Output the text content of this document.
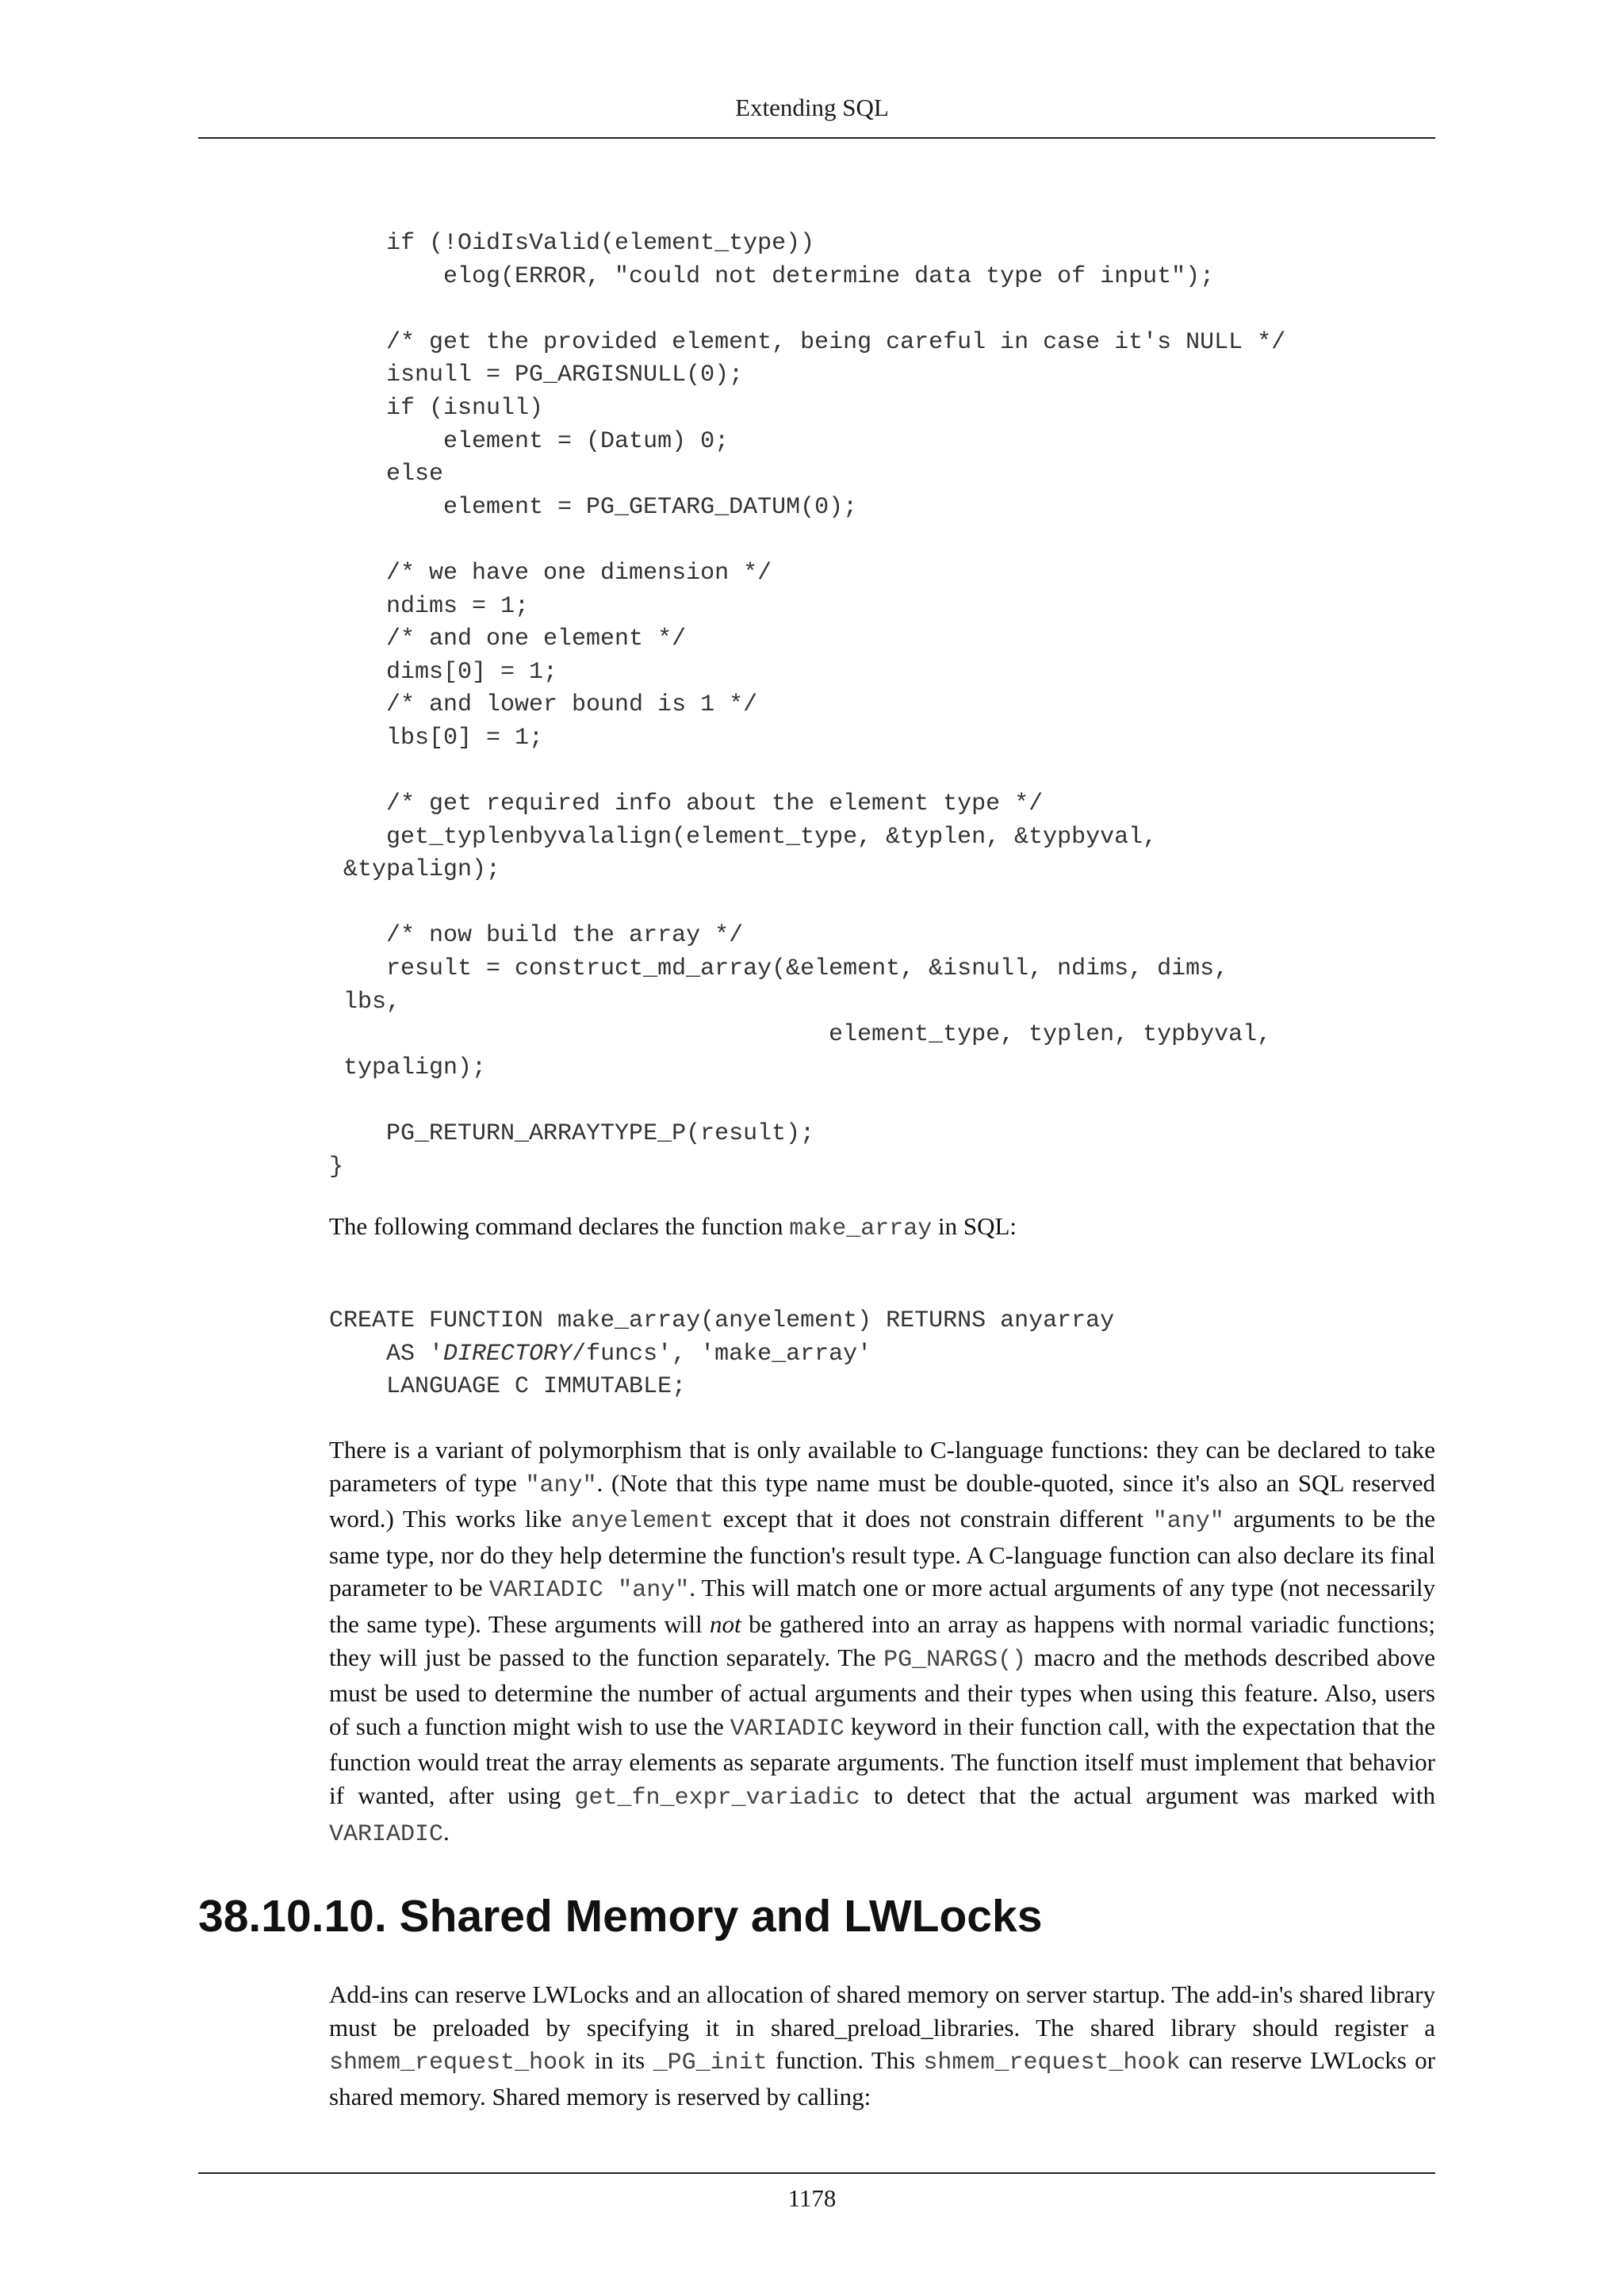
Extending SQL
if (!OidIsValid(element_type))
elog(ERROR, "could not determine data type of input");

/* get the provided element, being careful in case it's NULL */
isnull = PG_ARGISNULL(0);
if (isnull)
element = (Datum) 0;
else
element = PG_GETARG_DATUM(0);

/* we have one dimension */
ndims = 1;
/* and one element */
dims[0] = 1;
/* and lower bound is 1 */
lbs[0] = 1;

/* get required info about the element type */
get_typlenbyvalalign(element_type, &typlen, &typbyval,
&typalign);

/* now build the array */
result = construct_md_array(&element, &isnull, ndims, dims,
lbs,
element_type, typlen, typbyval,
typalign);

PG_RETURN_ARRAYTYPE_P(result);
}

The following command declares the function make_array in SQL:

CREATE FUNCTION make_array(anyelement) RETURNS anyarray
AS 'DIRECTORY/funcs', 'make_array'
LANGUAGE C IMMUTABLE;

There is a variant of polymorphism that is only available to C-language functions: they can be declared to take parameters of type "any". (Note that this type name must be double-quoted, since it's also an SQL reserved word.) This works like anyelement except that it does not constrain different "any" arguments to be the same type, nor do they help determine the function's result type. A C-language function can also declare its final parameter to be VARIADIC "any". This will match one or more actual arguments of any type (not necessarily the same type). These arguments will not be gathered into an array as happens with normal variadic functions; they will just be passed to the function separately. The PG_NARGS() macro and the methods described above must be used to determine the number of actual arguments and their types when using this feature. Also, users of such a function might wish to use the VARIADIC keyword in their function call, with the expectation that the function would treat the array elements as separate arguments. The function itself must implement that behavior if wanted, after using get_fn_expr_variadic to detect that the actual argument was marked with VARIADIC.

38.10.10. Shared Memory and LWLocks

Add-ins can reserve LWLocks and an allocation of shared memory on server startup. The add-in's shared library must be preloaded by specifying it in shared_preload_libraries. The shared library should register a shmem_request_hook in its _PG_init function. This shmem_request_hook can reserve LWLocks or shared memory. Shared memory is reserved by calling:

1178
